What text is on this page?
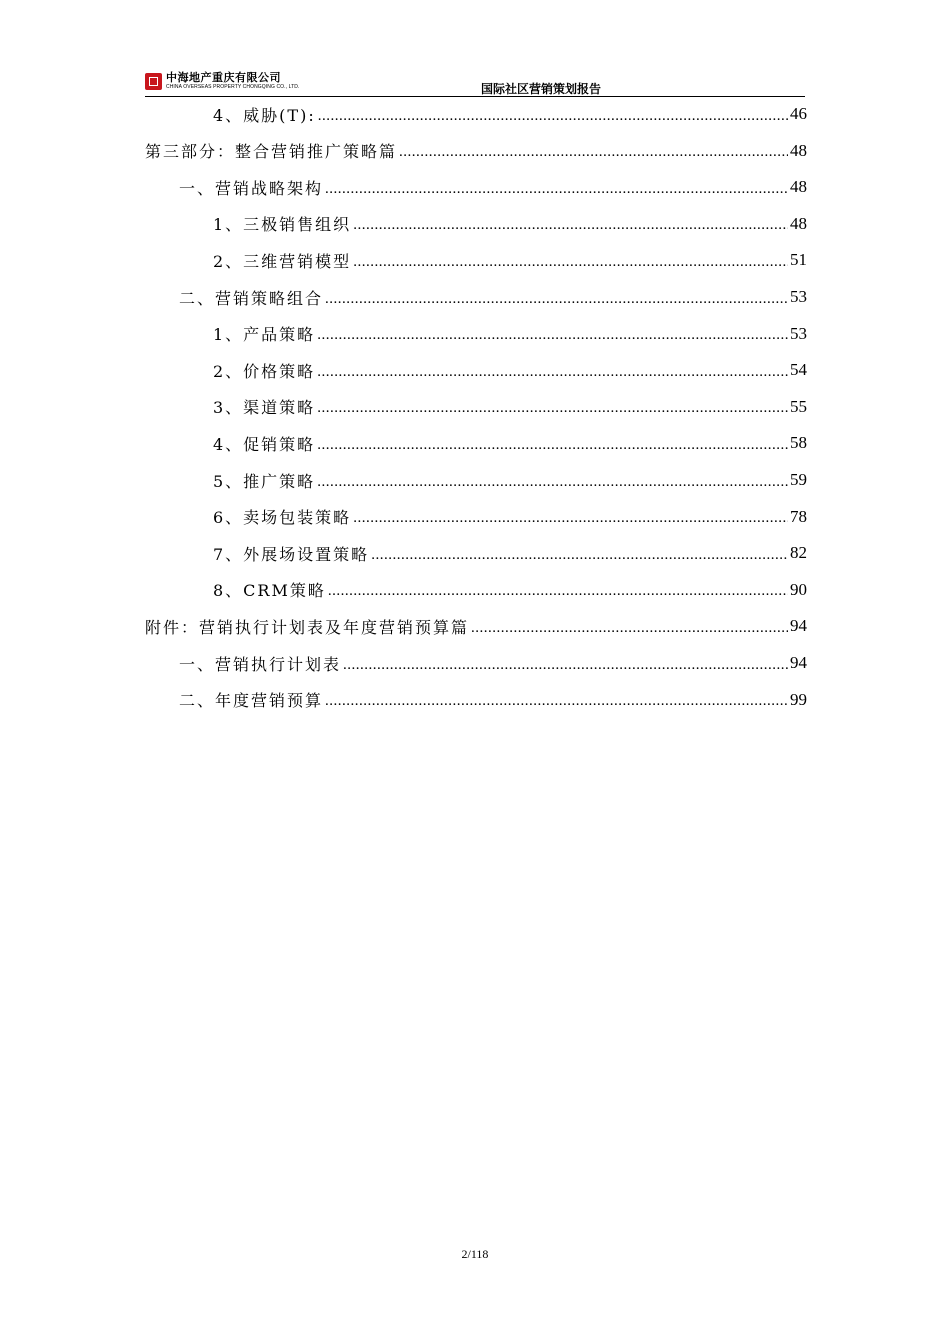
中海地产重庆有限公司
CHINA OVERSEAS PROPERTY CHONGQING CO., LTD.	国际社区营销策划报告
4、威胁(T): .....	46
第三部分：整合营销推广策略篇 .....	48
一、营销战略架构 .....	48
1、三极销售组织 .....	48
2、三维营销模型 .....	51
二、营销策略组合 .....	53
1、产品策略 .....	53
2、价格策略 .....	54
3、渠道策略 .....	55
4、促销策略 .....	58
5、推广策略 .....	59
6、卖场包装策略 .....	78
7、外展场设置策略 .....	82
8、CRM策略 .....	90
附件：营销执行计划表及年度营销预算篇 .....	94
一、营销执行计划表 .....	94
二、年度营销预算 .....	99
2/118
